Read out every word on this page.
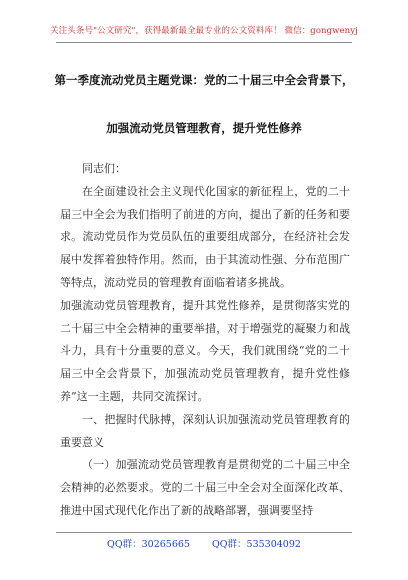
关注头条号"公文研究"，获得最新最全最专业的公文资料库！ 微信：gongwenyj
第一季度流动党员主题党课：党的二十届三中全会背景下，
加强流动党员管理教育，提升党性修养

同志们：

在全面建设社会主义现代化国家的新征程上，党的二十届三中全会为我们指明了前进的方向，提出了新的任务和要求。流动党员作为党员队伍的重要组成部分，在经济社会发展中发挥着独特作用。然而，由于其流动性强、分布范围广等特点，流动党员的管理教育面临着诸多挑战。

加强流动党员管理教育，提升其党性修养，是贯彻落实党的二十届三中全会精神的重要举措，对于增强党的凝聚力和战斗力，具有十分重要的意义。今天，我们就围绕“党的二十届三中全会背景下，加强流动党员管理教育，提升党性修养”这一主题，共同交流探讨。

一、把握时代脉搏，深刻认识加强流动党员管理教育的重要意义

（一）加强流动党员管理教育是贯彻党的二十届三中全会精神的必然要求。党的二十届三中全会对全面深化改革、推进中国式现代化作出了新的战略部署，强调要坚持

QQ群：30265665 QQ群：535304092
